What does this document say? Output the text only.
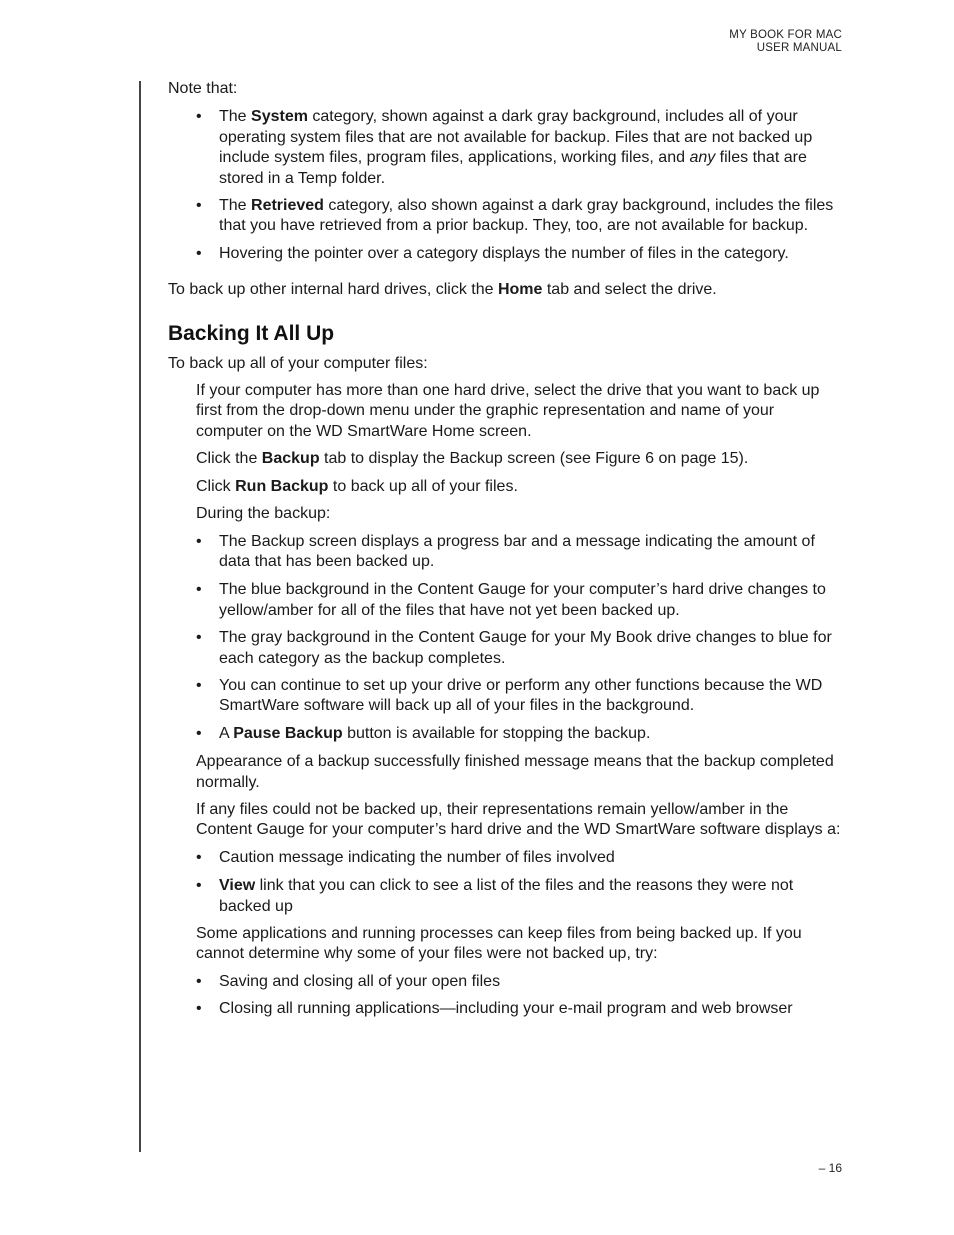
MY BOOK FOR MAC
USER MANUAL

Note that:

• The System category, shown against a dark gray background, includes all of your operating system files that are not available for backup. Files that are not backed up include system files, program files, applications, working files, and any files that are stored in a Temp folder.
• The Retrieved category, also shown against a dark gray background, includes the files that you have retrieved from a prior backup. They, too, are not available for backup.
• Hovering the pointer over a category displays the number of files in the category.

To back up other internal hard drives, click the Home tab and select the drive.

Backing It All Up

To back up all of your computer files:

If your computer has more than one hard drive, select the drive that you want to back up first from the drop-down menu under the graphic representation and name of your computer on the WD SmartWare Home screen.

Click the Backup tab to display the Backup screen (see Figure 6 on page 15).

Click Run Backup to back up all of your files.

During the backup:

• The Backup screen displays a progress bar and a message indicating the amount of data that has been backed up.
• The blue background in the Content Gauge for your computer’s hard drive changes to yellow/amber for all of the files that have not yet been backed up.
• The gray background in the Content Gauge for your My Book drive changes to blue for each category as the backup completes.
• You can continue to set up your drive or perform any other functions because the WD SmartWare software will back up all of your files in the background.
• A Pause Backup button is available for stopping the backup.

Appearance of a backup successfully finished message means that the backup completed normally.

If any files could not be backed up, their representations remain yellow/amber in the Content Gauge for your computer’s hard drive and the WD SmartWare software displays a:

• Caution message indicating the number of files involved
• View link that you can click to see a list of the files and the reasons they were not backed up

Some applications and running processes can keep files from being backed up. If you cannot determine why some of your files were not backed up, try:

• Saving and closing all of your open files
• Closing all running applications—including your e-mail program and web browser
– 16
